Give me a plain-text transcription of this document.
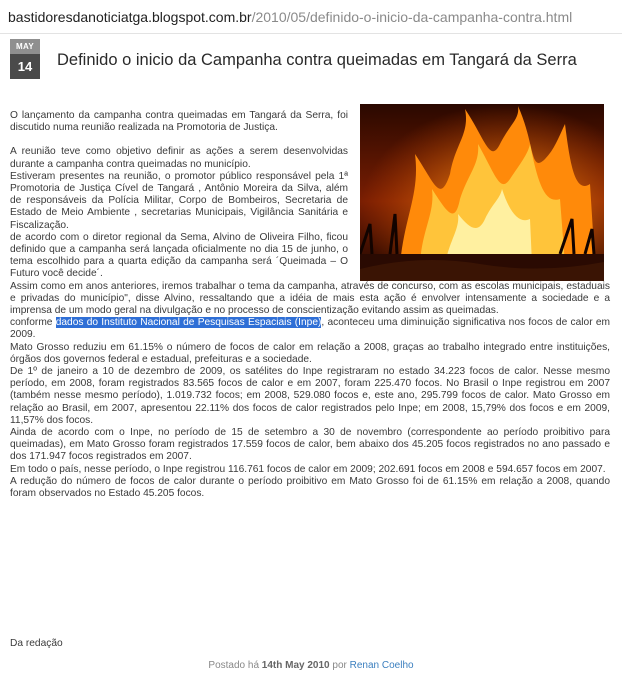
bastidoresdanoticiatga.blogspot.com.br/2010/05/definido-o-inicio-da-campanha-contra.html
MAY
14	Definido o inicio da Campanha contra queimadas em Tangará da Serra

O lançamento da campanha contra queimadas em Tangará da Serra, foi discutido numa reunião realizada na Promotoria de Justiça.

A reunião teve como objetivo definir as ações a serem desenvolvidas durante a campanha contra queimadas no município.

Estiveram presentes na reunião, o promotor público responsável pela 1ª Promotoria de Justiça Cível de Tangará , Antônio Moreira da Silva, além de responsáveis da Polícia Militar, Corpo de Bombeiros, Secretaria de Estado de Meio Ambiente , secretarias Municipais, Vigilância Sanitária e Fiscalização.

de acordo com o diretor regional da Sema, Alvino de Oliveira Filho, ficou definido que a campanha será lançada oficialmente no dia 15 de junho, o tema escolhido para a quarta edição da campanha será ´Queimada – O Futuro você decide´.

Assim como em anos anteriores, iremos trabalhar o tema da campanha, através de concurso, com as escolas municipais, estaduais e privadas do município", disse Alvino, ressaltando que a idéia de mais esta ação é envolver intensamente a sociedade e a imprensa de um modo geral na divulgação e no processo de conscientização evitando assim as queimadas.

conforme dados do Instituto Nacional de Pesquisas Espaciais (Inpe), aconteceu uma diminuição significativa nos focos de calor em 2009.

Mato Grosso reduziu em 61.15% o número de focos de calor em relação a 2008, graças ao trabalho integrado entre instituições, órgãos dos governos federal e estadual, prefeituras e a sociedade.

De 1º de janeiro a 10 de dezembro de 2009, os satélites do Inpe registraram no estado 34.223 focos de calor. Nesse mesmo período, em 2008, foram registrados 83.565 focos de calor e em 2007, foram 225.470 focos. No Brasil o Inpe registrou em 2007 (também nesse mesmo período), 1.019.732 focos; em 2008, 529.080 focos e, este ano, 295.799 focos de calor. Mato Grosso em relação ao Brasil, em 2007, apresentou 22.11% dos focos de calor registrados pelo Inpe; em 2008, 15,79% dos focos e em 2009, 11,57% dos focos.

Ainda de acordo com o Inpe, no período de 15 de setembro a 30 de novembro (correspondente ao período proibitivo para queimadas), em Mato Grosso foram registrados 17.559 focos de calor, bem abaixo dos 45.205 focos registrados no ano passado e dos 171.947 focos registrados em 2007.

Em todo o país, nesse período, o Inpe registrou 116.761 focos de calor em 2009; 202.691 focos em 2008 e 594.657 focos em 2007.

A redução do número de focos de calor durante o período proibitivo em Mato Grosso foi de 61.15% em relação a 2008, quando foram observados no Estado 45.205 focos.

Da redação
Postado há 14th May 2010 por Renan Coelho
